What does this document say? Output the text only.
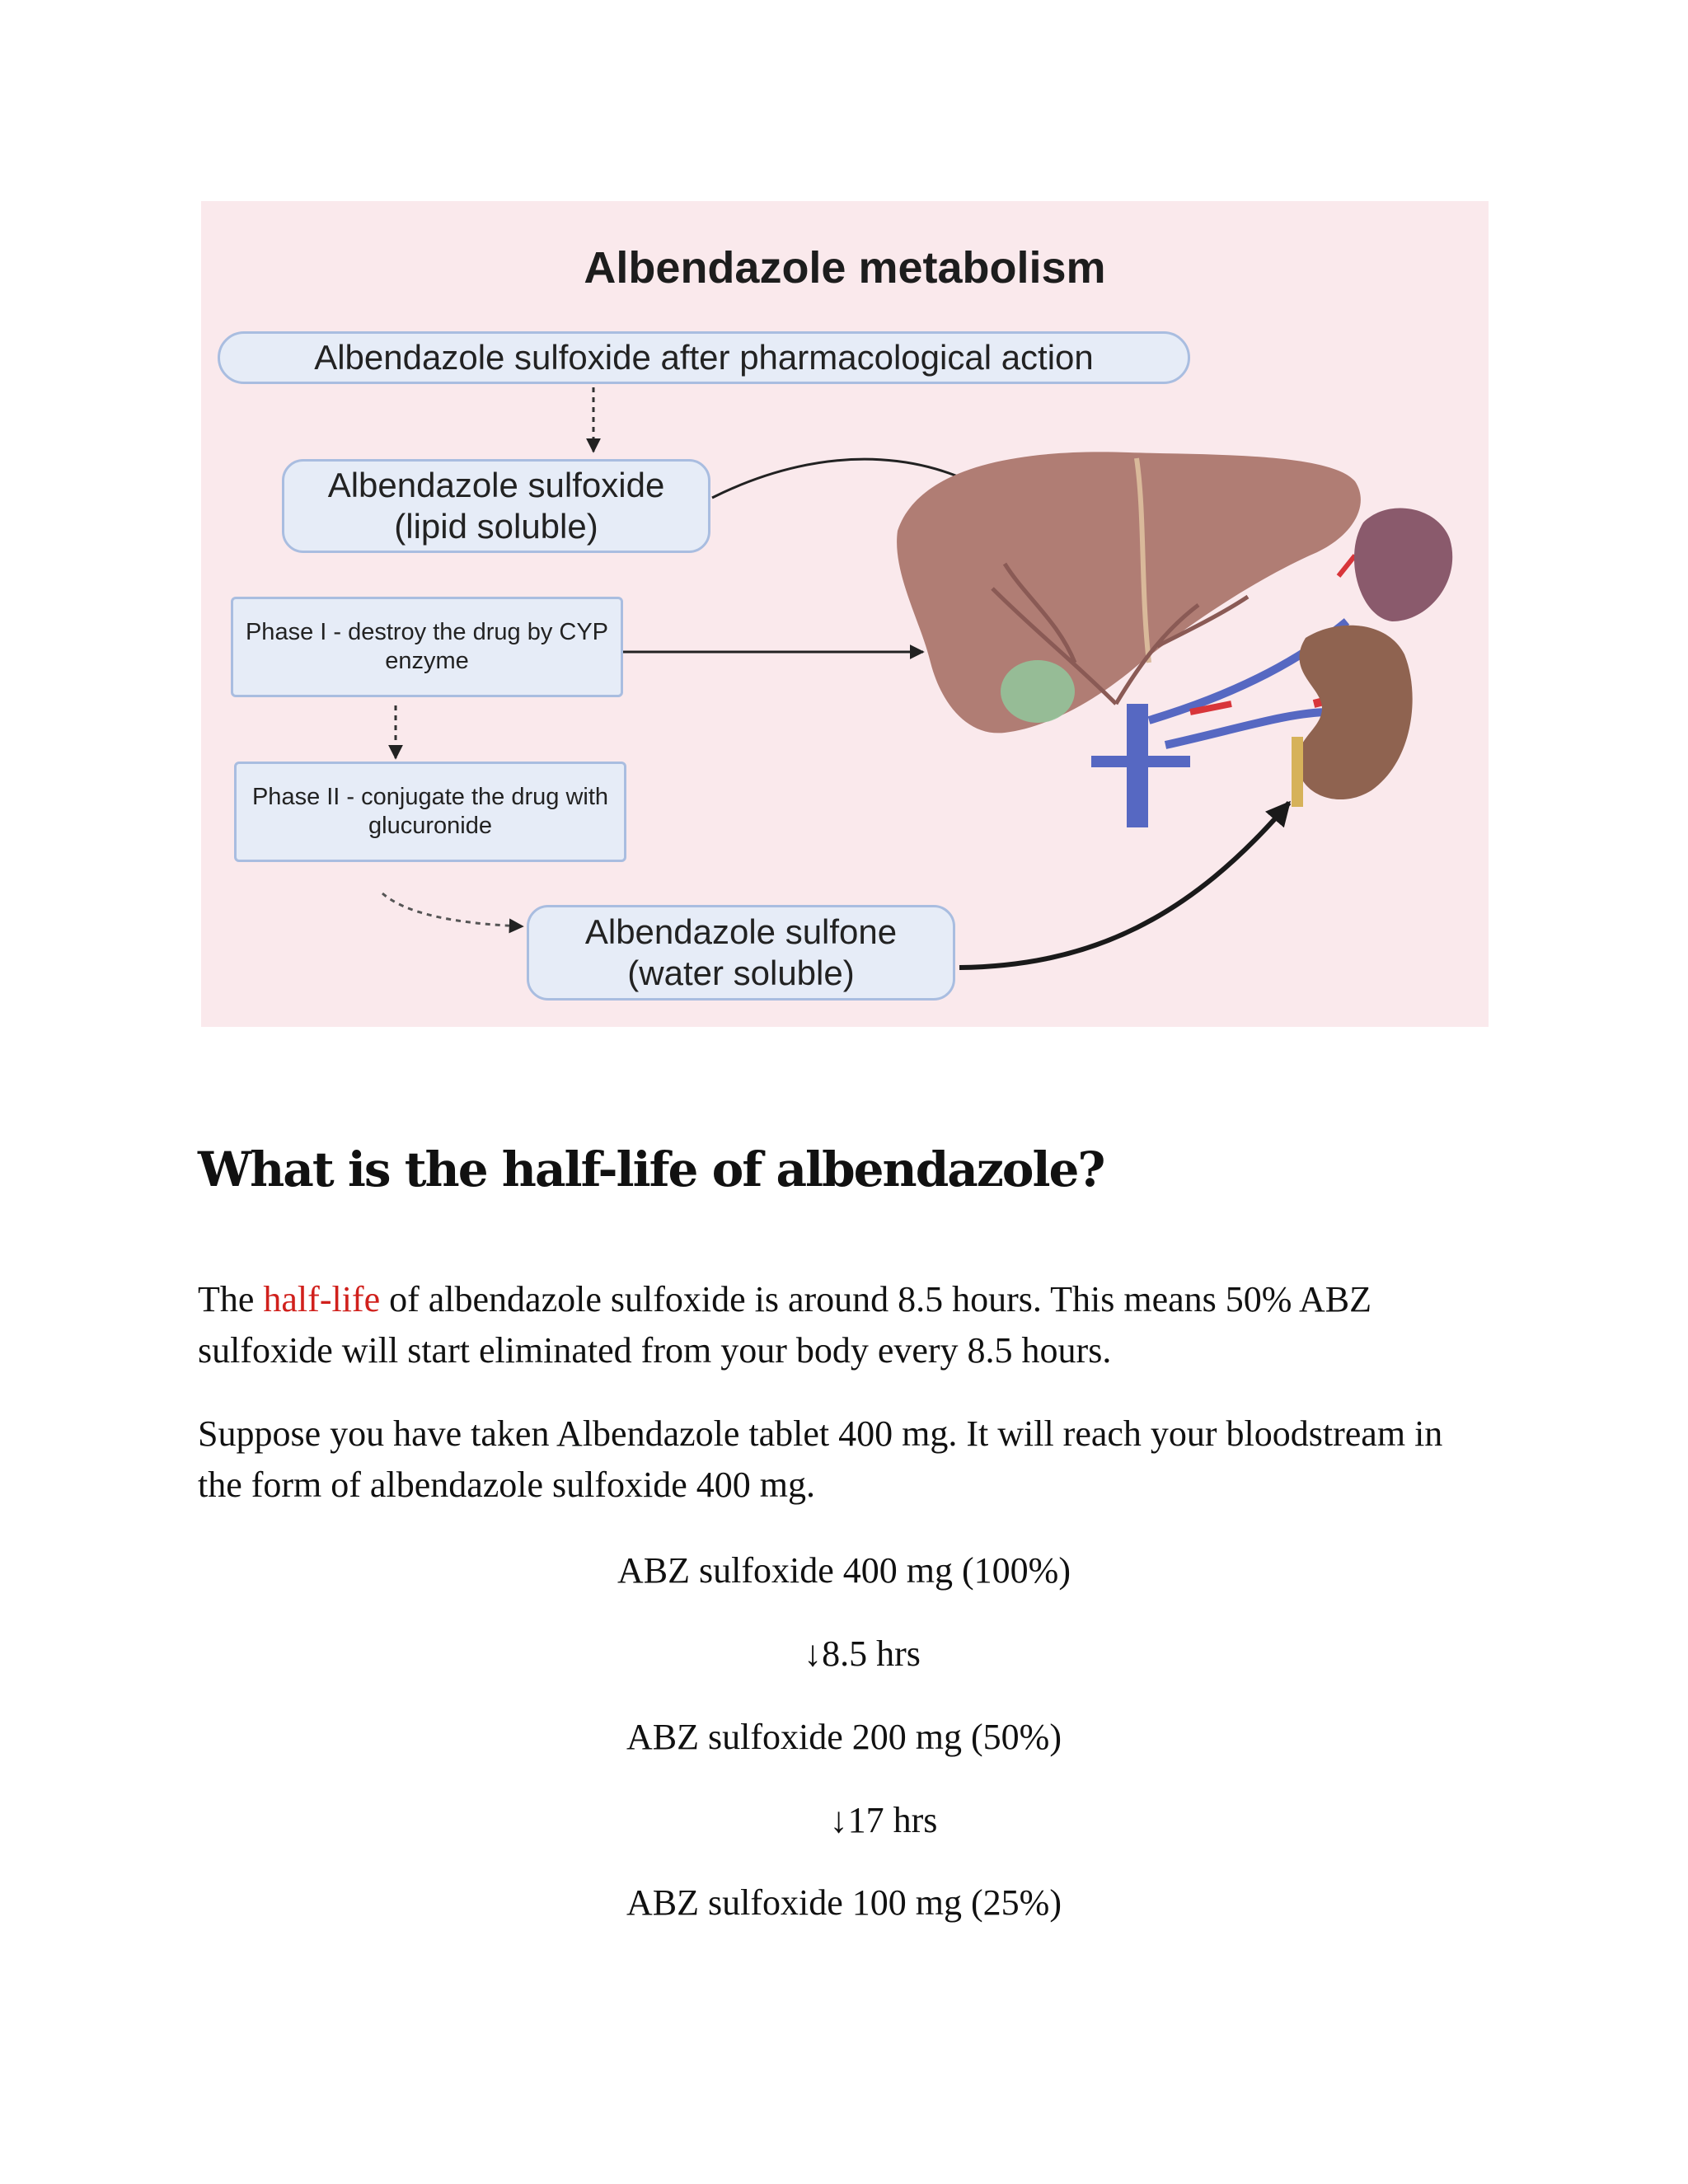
Albendazole metabolism
Albendazole sulfoxide after pharmacological action
Albendazole sulfoxide
(lipid soluble)
Phase I - destroy the drug by CYP enzyme
Phase II - conjugate the drug with glucuronide
Albendazole sulfone
(water soluble)
What is the half-life of albendazole?

The half-life of albendazole sulfoxide is around 8.5 hours. This means 50% ABZ sulfoxide will start eliminated from your body every 8.5 hours.

Suppose you have taken Albendazole tablet 400 mg. It will reach your bloodstream in the form of albendazole sulfoxide 400 mg.

ABZ sulfoxide 400 mg (100%)

↓8.5 hrs

ABZ sulfoxide 200 mg (50%)

↓17 hrs

ABZ sulfoxide 100 mg (25%)
